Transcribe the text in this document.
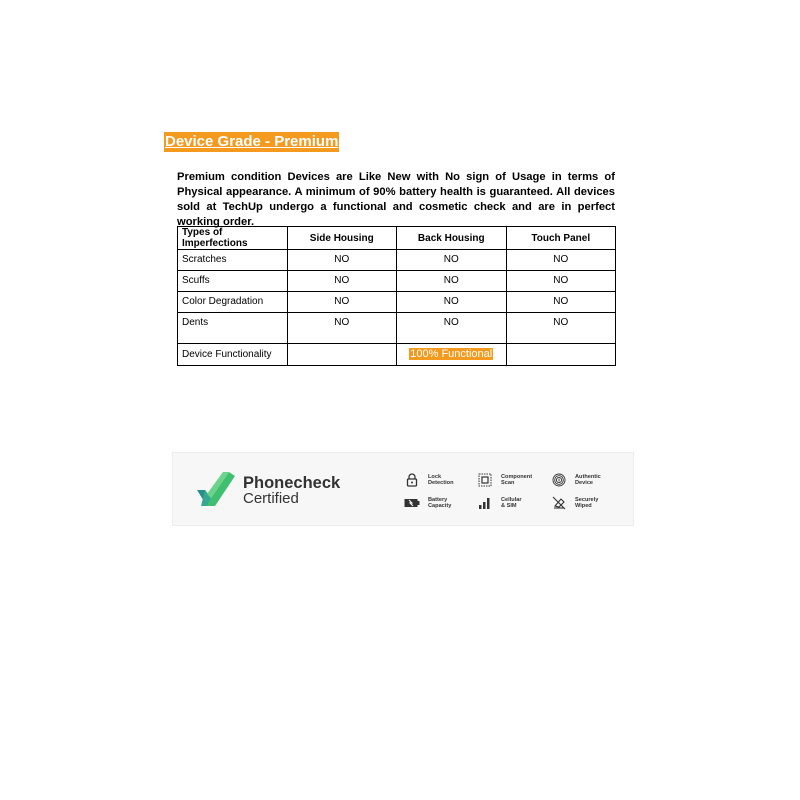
Device Grade - Premium
Premium condition Devices are Like New with No sign of Usage in terms of Physical appearance. A minimum of 90% battery health is guaranteed. All devices sold at TechUp undergo a functional and cosmetic check and are in perfect working order.
Types of Imperfections	Side Housing	Back Housing	Touch Panel
Scratches	NO	NO	NO
Scuffs	NO	NO	NO
Color Degradation	NO	NO	NO
Dents	NO	NO	NO
Device Functionality		100% Functional	
Phonecheck
Certified
Lock
Detection
Component
Scan
Authentic
Device
Battery
Capacity
Cellular
& SIM
Securely
Wiped
